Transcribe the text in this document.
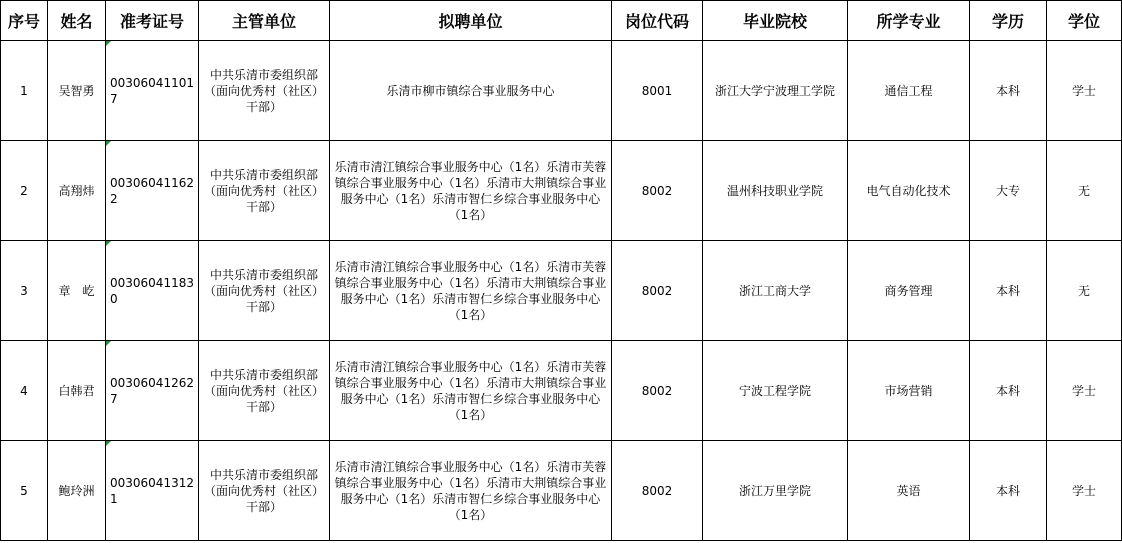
序号	姓名	准考证号	主管单位	拟聘单位	岗位代码	毕业院校	所学专业	学历	学位
1	吴智勇	003060411017	中共乐清市委组织部（面向优秀村（社区）干部）	乐清市柳市镇综合事业服务中心	8001	浙江大学宁波理工学院	通信工程	本科	学士
2	高翔炜	003060411622	中共乐清市委组织部（面向优秀村（社区）干部）	乐清市清江镇综合事业服务中心（1名）乐清市芙蓉镇综合事业服务中心（1名）乐清市大荆镇综合事业服务中心（1名）乐清市智仁乡综合事业服务中心（1名）	8002	温州科技职业学院	电气自动化技术	大专	无
3	章　屹	003060411830	中共乐清市委组织部（面向优秀村（社区）干部）	乐清市清江镇综合事业服务中心（1名）乐清市芙蓉镇综合事业服务中心（1名）乐清市大荆镇综合事业服务中心（1名）乐清市智仁乡综合事业服务中心（1名）	8002	浙江工商大学	商务管理	本科	无
4	白韩君	003060412627	中共乐清市委组织部（面向优秀村（社区）干部）	乐清市清江镇综合事业服务中心（1名）乐清市芙蓉镇综合事业服务中心（1名）乐清市大荆镇综合事业服务中心（1名）乐清市智仁乡综合事业服务中心（1名）	8002	宁波工程学院	市场营销	本科	学士
5	鲍玲洲	003060413121	中共乐清市委组织部（面向优秀村（社区）干部）	乐清市清江镇综合事业服务中心（1名）乐清市芙蓉镇综合事业服务中心（1名）乐清市大荆镇综合事业服务中心（1名）乐清市智仁乡综合事业服务中心（1名）	8002	浙江万里学院	英语	本科	学士
